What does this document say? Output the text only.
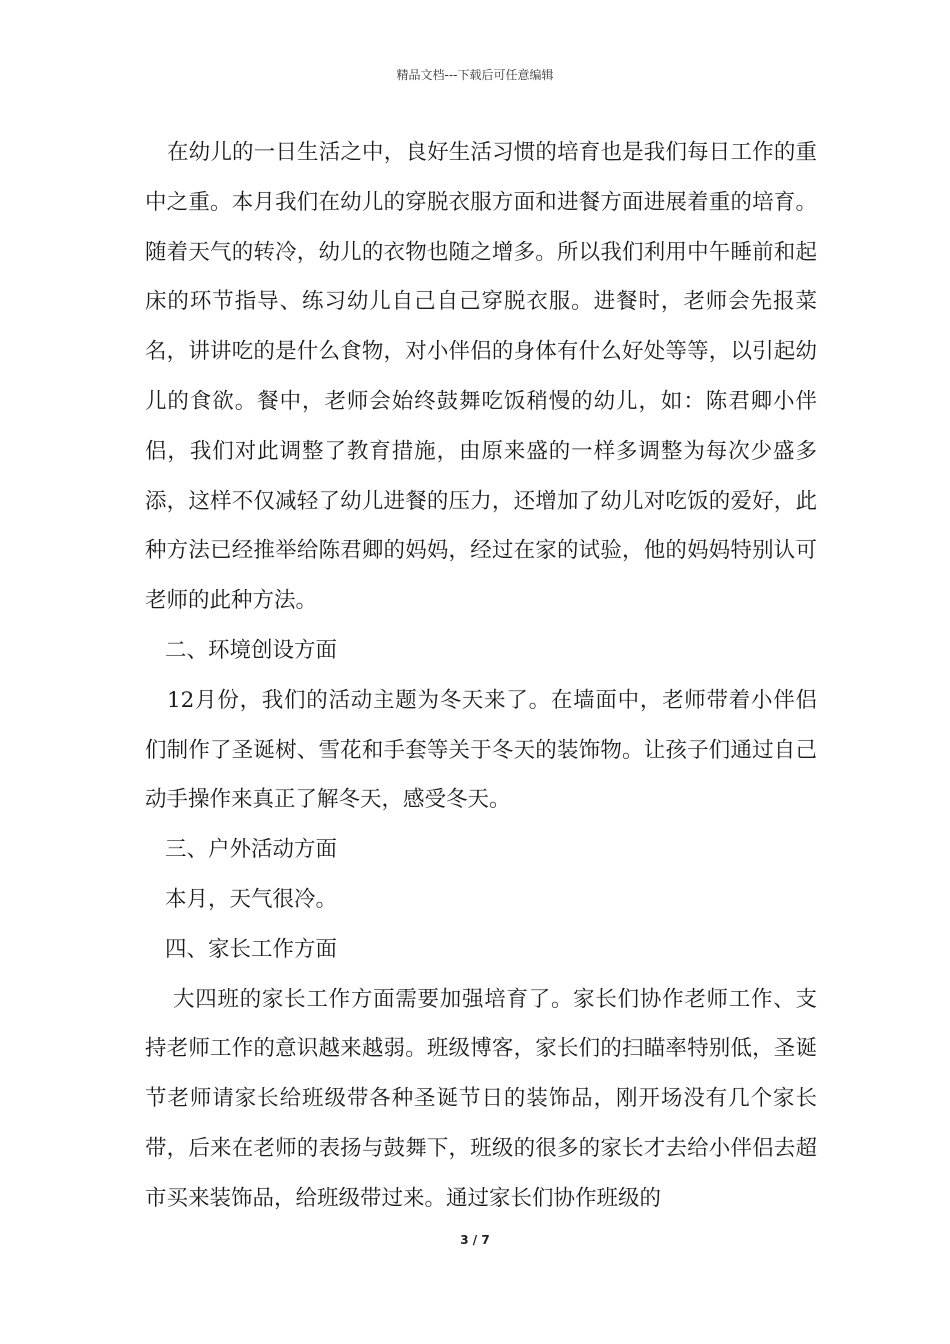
精品文档---下载后可任意编辑

在幼儿的一日生活之中，良好生活习惯的培育也是我们每日工作的重中之重。本月我们在幼儿的穿脱衣服方面和进餐方面进展着重的培育。随着天气的转冷，幼儿的衣物也随之增多。所以我们利用中午睡前和起床的环节指导、练习幼儿自己自己穿脱衣服。进餐时，老师会先报菜名，讲讲吃的是什么食物，对小伴侣的身体有什么好处等等，以引起幼儿的食欲。餐中，老师会始终鼓舞吃饭稍慢的幼儿，如：陈君卿小伴侣，我们对此调整了教育措施，由原来盛的一样多调整为每次少盛多添，这样不仅减轻了幼儿进餐的压力，还增加了幼儿对吃饭的爱好，此种方法已经推举给陈君卿的妈妈，经过在家的试验，他的妈妈特别认可老师的此种方法。

二、环境创设方面

12月份，我们的活动主题为冬天来了。在墙面中，老师带着小伴侣们制作了圣诞树、雪花和手套等关于冬天的装饰物。让孩子们通过自己动手操作来真正了解冬天，感受冬天。

三、户外活动方面

本月，天气很冷。

四、家长工作方面

大四班的家长工作方面需要加强培育了。家长们协作老师工作、支持老师工作的意识越来越弱。班级博客，家长们的扫瞄率特别低，圣诞节老师请家长给班级带各种圣诞节日的装饰品，刚开场没有几个家长带，后来在老师的表扬与鼓舞下，班级的很多的家长才去给小伴侣去超市买来装饰品，给班级带过来。通过家长们协作班级的

3 / 7
